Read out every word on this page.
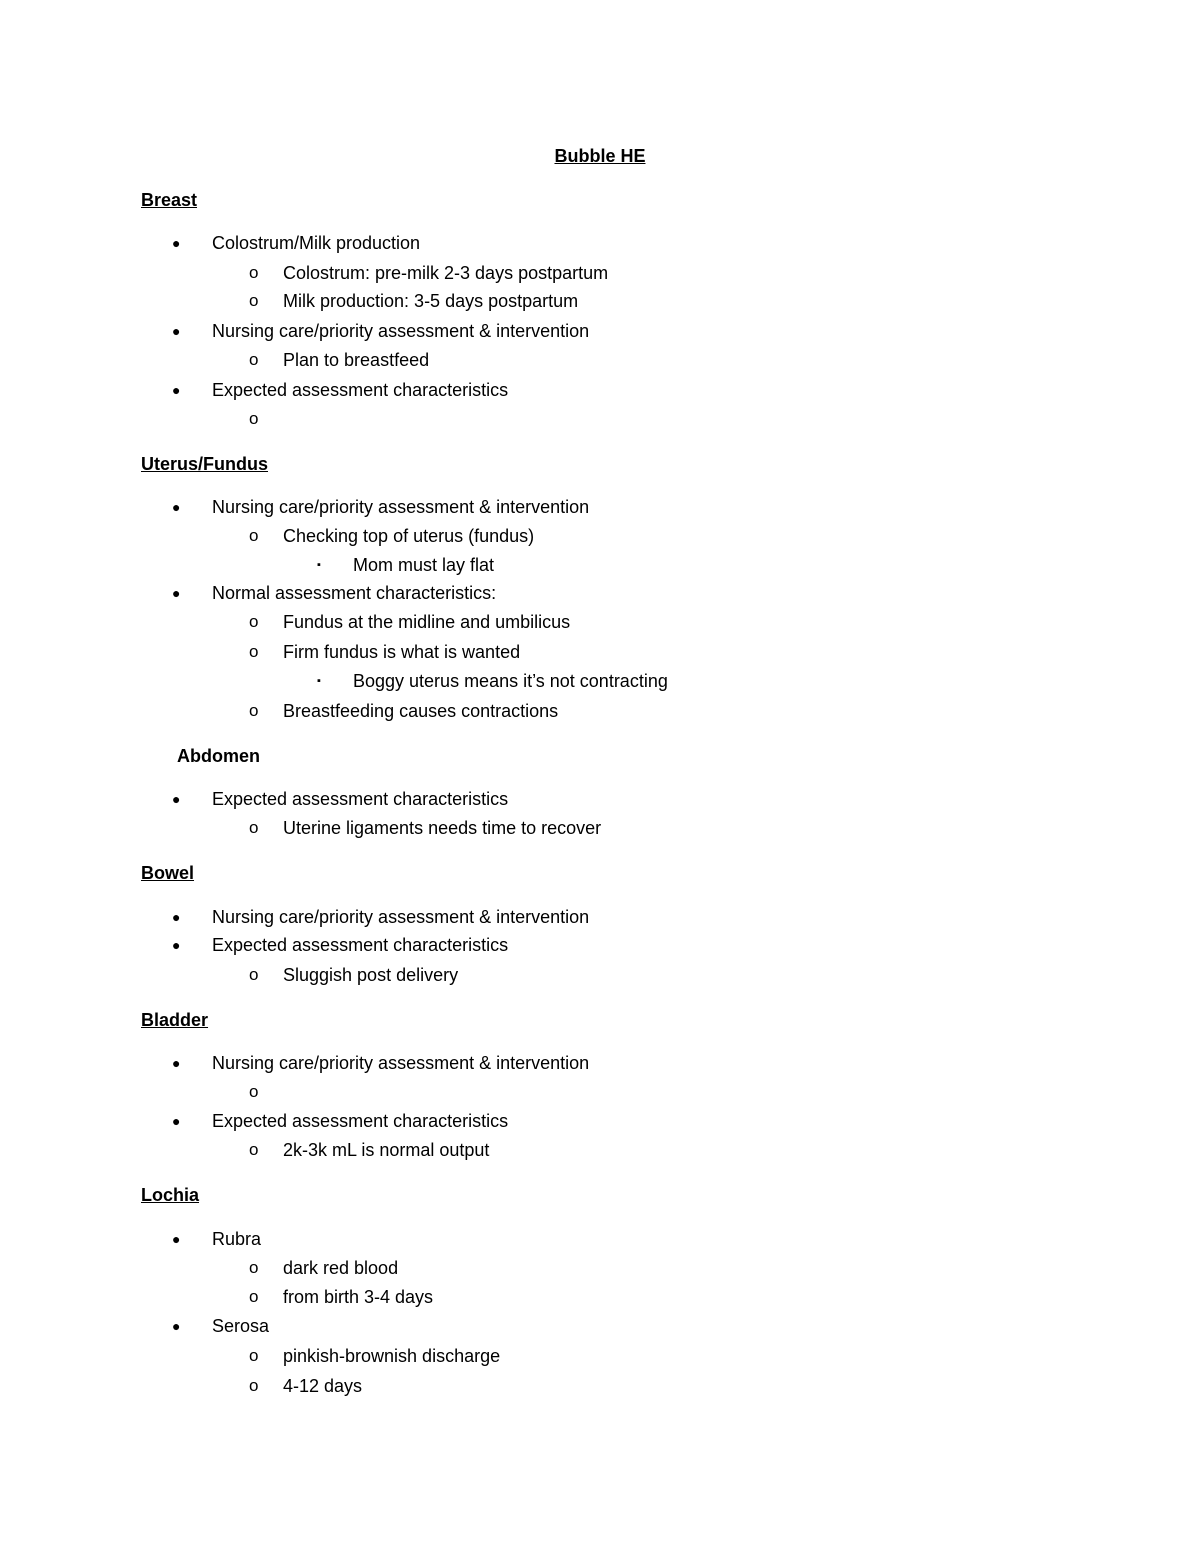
Bubble HE
Breast
● Colostrum/Milk production
o Colostrum: pre-milk 2-3 days postpartum
o Milk production: 3-5 days postpartum
● Nursing care/priority assessment & intervention
o Plan to breastfeed
● Expected assessment characteristics
o
Uterus/Fundus
● Nursing care/priority assessment & intervention
o Checking top of uterus (fundus)
▪ Mom must lay flat
● Normal assessment characteristics:
o Fundus at the midline and umbilicus
o Firm fundus is what is wanted
▪ Boggy uterus means it’s not contracting
o Breastfeeding causes contractions
Abdomen
● Expected assessment characteristics
o Uterine ligaments needs time to recover
Bowel
● Nursing care/priority assessment & intervention
● Expected assessment characteristics
o Sluggish post delivery
Bladder
● Nursing care/priority assessment & intervention
o
● Expected assessment characteristics
o 2k-3k mL is normal output
Lochia
● Rubra
o dark red blood
o from birth 3-4 days
● Serosa
o pinkish-brownish discharge
o 4-12 days
